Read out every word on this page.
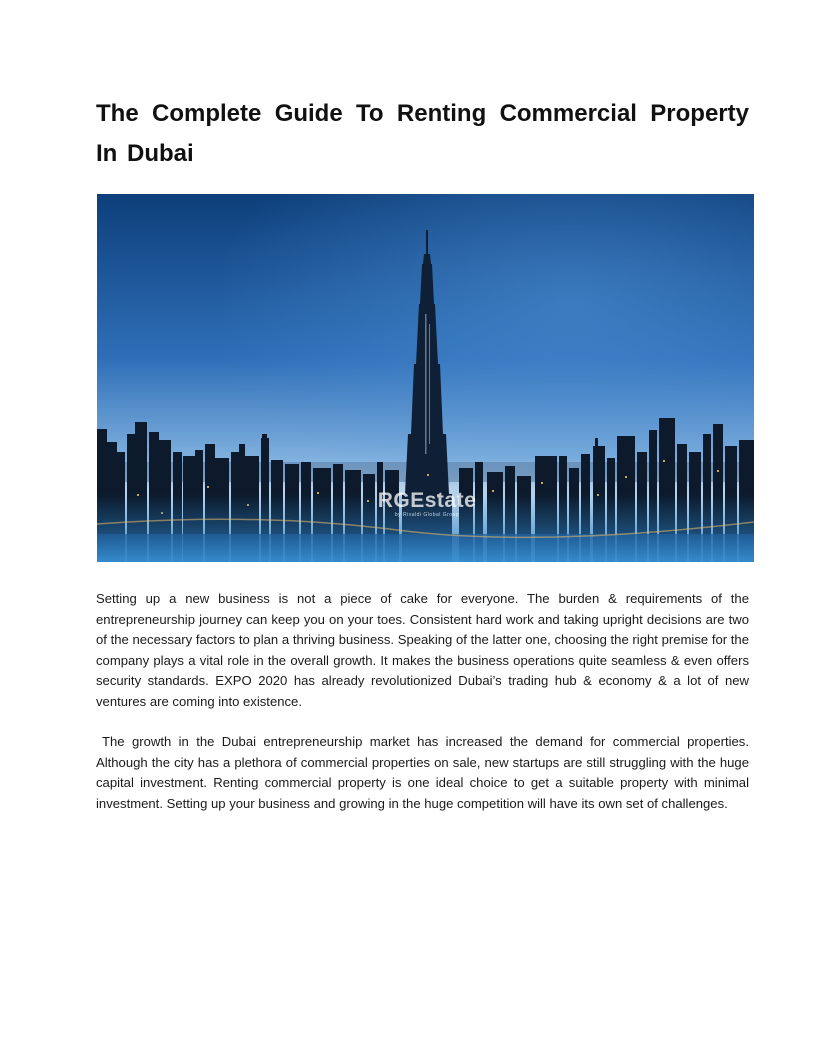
The Complete Guide To Renting Commercial Property In Dubai
RGEstate
by Rivaldi Global Group

Setting up a new business is not a piece of cake for everyone. The burden & requirements of the entrepreneurship journey can keep you on your toes. Consistent hard work and taking upright decisions are two of the necessary factors to plan a thriving business. Speaking of the latter one, choosing the right premise for the company plays a vital role in the overall growth. It makes the business operations quite seamless & even offers security standards. EXPO 2020 has already revolutionized Dubai’s trading hub & economy & a lot of new ventures are coming into existence.

The growth in the Dubai entrepreneurship market has increased the demand for commercial properties. Although the city has a plethora of commercial properties on sale, new startups are still struggling with the huge capital investment. Renting commercial property is one ideal choice to get a suitable property with minimal investment. Setting up your business and growing in the huge competition will have its own set of challenges.
